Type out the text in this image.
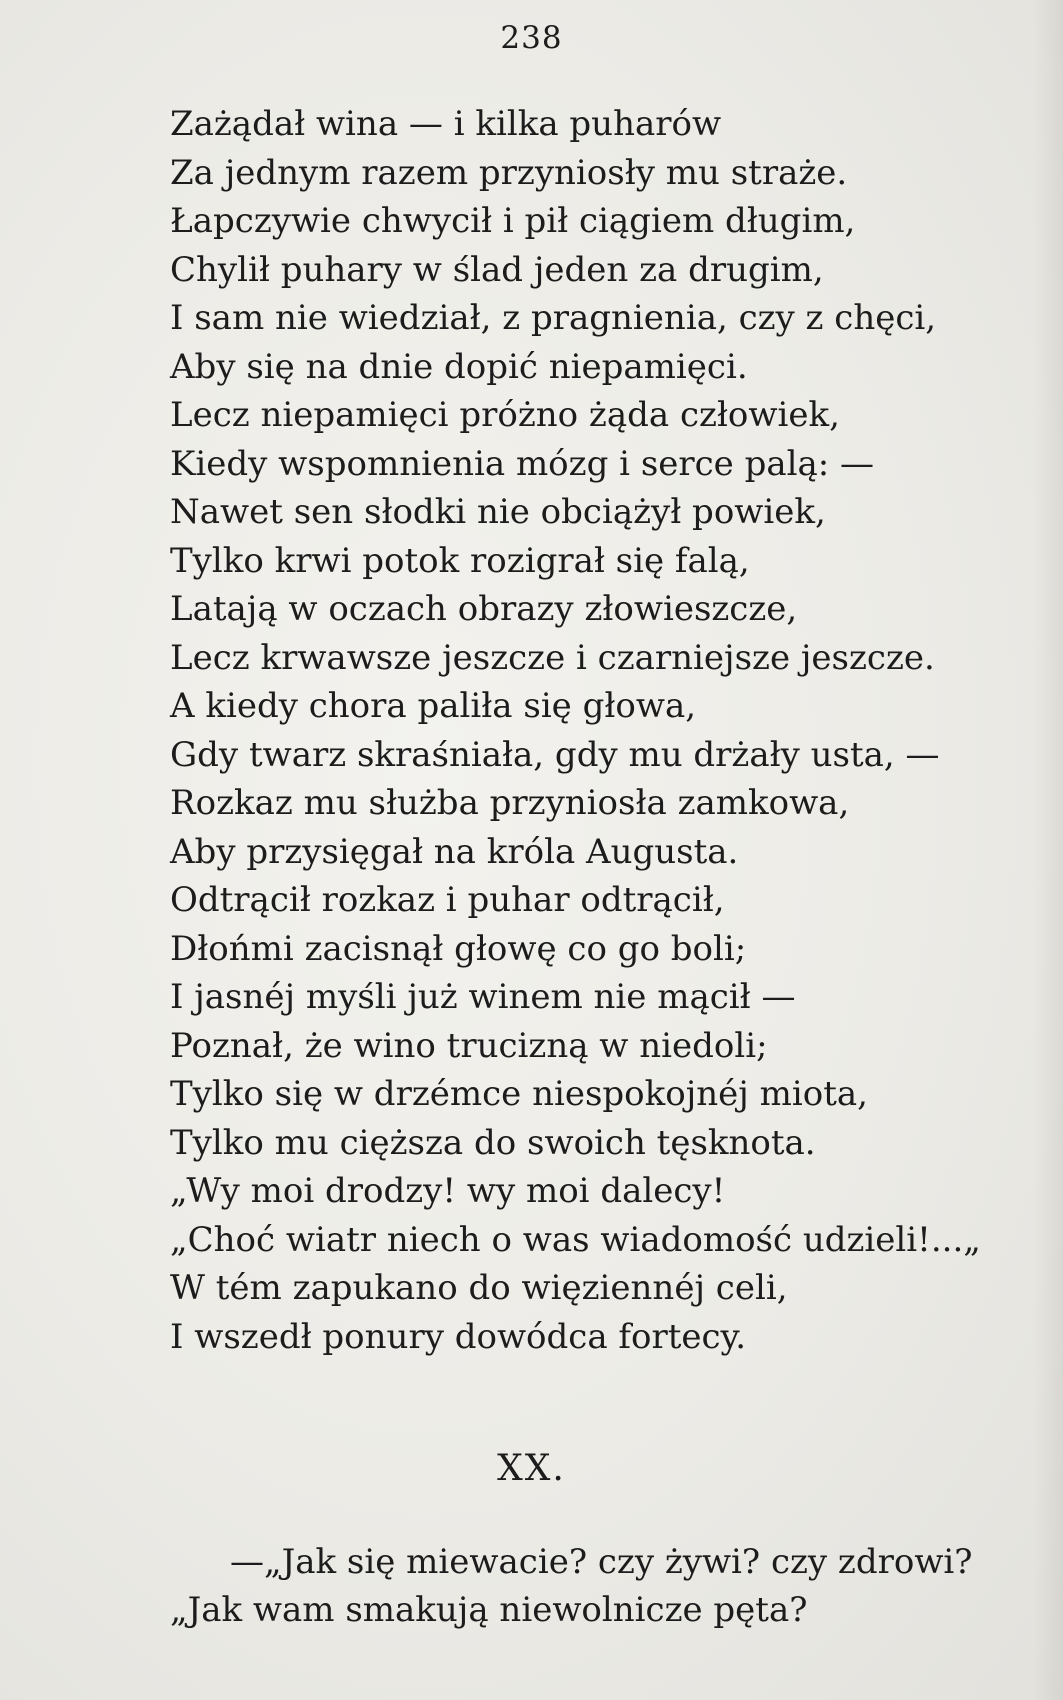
238
Zażądał wina — i kilka puharów
Za jednym razem przyniosły mu straże.
Łapczywie chwycił i pił ciągiem długim,
Chylił puhary w ślad jeden za drugim,
I sam nie wiedział, z pragnienia, czy z chęci,
Aby się na dnie dopić niepamięci.
Lecz niepamięci próżno żąda człowiek,
Kiedy wspomnienia mózg i serce palą: —
Nawet sen słodki nie obciążył powiek,
Tylko krwi potok rozigrał się falą,
Latają w oczach obrazy złowieszcze,
Lecz krwawsze jeszcze i czarniejsze jeszcze.
A kiedy chora paliła się głowa,
Gdy twarz skraśniała, gdy mu drżały usta, —
Rozkaz mu służba przyniosła zamkowa,
Aby przysięgał na króla Augusta.
Odtrącił rozkaz i puhar odtrącił,
Dłońmi zacisnął głowę co go boli;
I jasnéj myśli już winem nie mącił —
Poznał, że wino trucizną w niedoli;
Tylko się w drzémce niespokojnéj miota,
Tylko mu cięższa do swoich tęsknota.
„Wy moi drodzy! wy moi dalecy!
„Choć wiatr niech o was wiadomość udzieli!...„
W tém zapukano do więziennéj celi,
I wszedł ponury dowódca fortecy.
XX.
—„Jak się miewacie? czy żywi? czy zdrowi?
„Jak wam smakują niewolnicze pęta?
